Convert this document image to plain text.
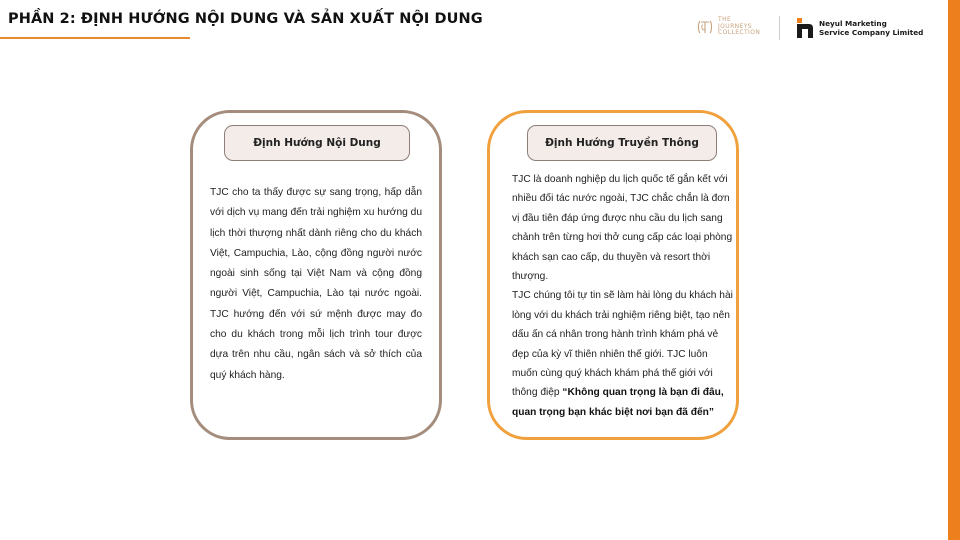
PHẦN 2: ĐỊNH HƯỚNG NỘI DUNG VÀ SẢN XUẤT NỘI DUNG	THE
JOURNEYS
COLLECTION
Neyul Marketing
Service Company Limited
Định Hướng Nội Dung
TJC cho ta thấy được sự sang trọng, hấp dẫn với dịch vụ mang đến trải nghiệm xu hướng du lịch thời thượng nhất dành riêng cho du khách Việt, Campuchia, Lào, cộng đồng người nước ngoài sinh sống tại Việt Nam và cộng đồng người Việt, Campuchia, Lào tại nước ngoài. TJC hướng đến với sứ mệnh được may đo cho du khách trong mỗi lịch trình tour được dựa trên nhu cầu, ngân sách và sở thích của quý khách hàng.
Định Hướng Truyền Thông

TJC là doanh nghiệp du lịch quốc tế gắn kết với nhiều đối tác nước ngoài, TJC chắc chắn là đơn vị đầu tiên đáp ứng được nhu cầu du lịch sang chảnh trên từng hơi thở cung cấp các loại phòng khách sạn cao cấp, du thuyền và resort thời thượng.

TJC chúng tôi tự tin sẽ làm hài lòng du khách hài lòng với du khách trải nghiệm riêng biệt, tạo nên dấu ấn cá nhân trong hành trình khám phá vẻ đẹp của kỳ vĩ thiên nhiên thế giới. TJC luôn muốn cùng quý khách khám phá thế giới với thông điệp “Không quan trọng là bạn đi đâu, quan trọng bạn khác biệt nơi bạn đã đến”
